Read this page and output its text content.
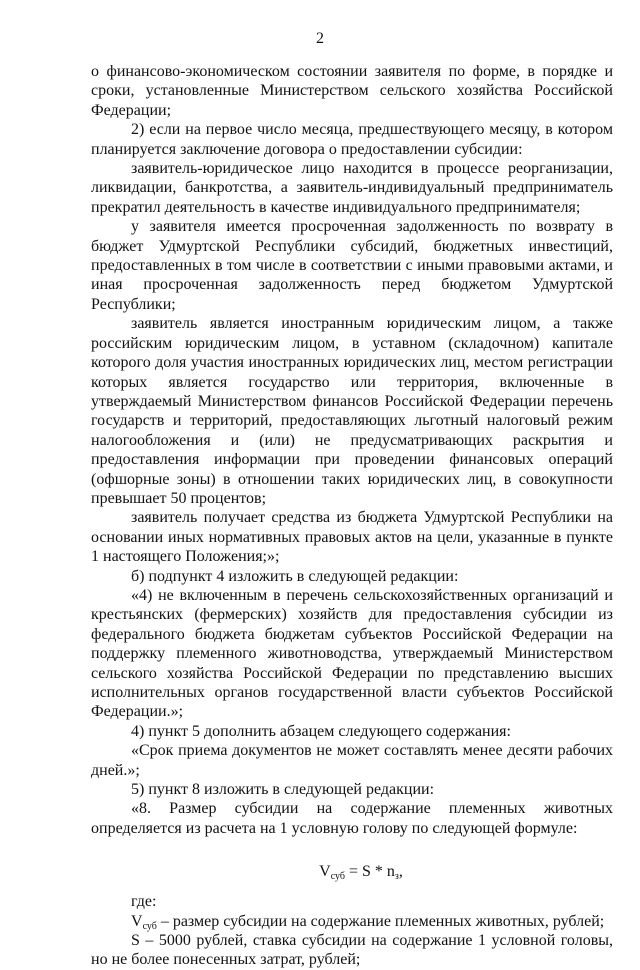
2

о финансово-экономическом состоянии заявителя по форме, в порядке и сроки, установленные Министерством сельского хозяйства Российской Федерации;

2) если на первое число месяца, предшествующего месяцу, в котором планируется заключение договора о предоставлении субсидии:

заявитель-юридическое лицо находится в процессе реорганизации, ликвидации, банкротства, а заявитель-индивидуальный предприниматель прекратил деятельность в качестве индивидуального предпринимателя;

у заявителя имеется просроченная задолженность по возврату в бюджет Удмуртской Республики субсидий, бюджетных инвестиций, предоставленных в том числе в соответствии с иными правовыми актами, и иная просроченная задолженность перед бюджетом Удмуртской Республики;

заявитель является иностранным юридическим лицом, а также российским юридическим лицом, в уставном (складочном) капитале которого доля участия иностранных юридических лиц, местом регистрации которых является государство или территория, включенные в утверждаемый Министерством финансов Российской Федерации перечень государств и территорий, предоставляющих льготный налоговый режим налогообложения и (или) не предусматривающих раскрытия и предоставления информации при проведении финансовых операций (офшорные зоны) в отношении таких юридических лиц, в совокупности превышает 50 процентов;

заявитель получает средства из бюджета Удмуртской Республики на основании иных нормативных правовых актов на цели, указанные в пункте 1 настоящего Положения;»;

б) подпункт 4 изложить в следующей редакции:

«4) не включенным в перечень сельскохозяйственных организаций и крестьянских (фермерских) хозяйств для предоставления субсидии из федерального бюджета бюджетам субъектов Российской Федерации на поддержку племенного животноводства, утверждаемый Министерством сельского хозяйства Российской Федерации по представлению высших исполнительных органов государственной власти субъектов Российской Федерации.»;

4) пункт 5 дополнить абзацем следующего содержания:

«Срок приема документов не может составлять менее десяти рабочих дней.»;

5) пункт 8 изложить в следующей редакции:

«8. Размер субсидии на содержание племенных животных определяется из расчета на 1 условную голову по следующей формуле:

$V_{суб} = S * n_з$,

где:

$V_{суб}$ – размер субсидии на содержание племенных животных, рублей;

S – 5000 рублей, ставка субсидии на содержание 1 условной головы, но не более понесенных затрат, рублей;
